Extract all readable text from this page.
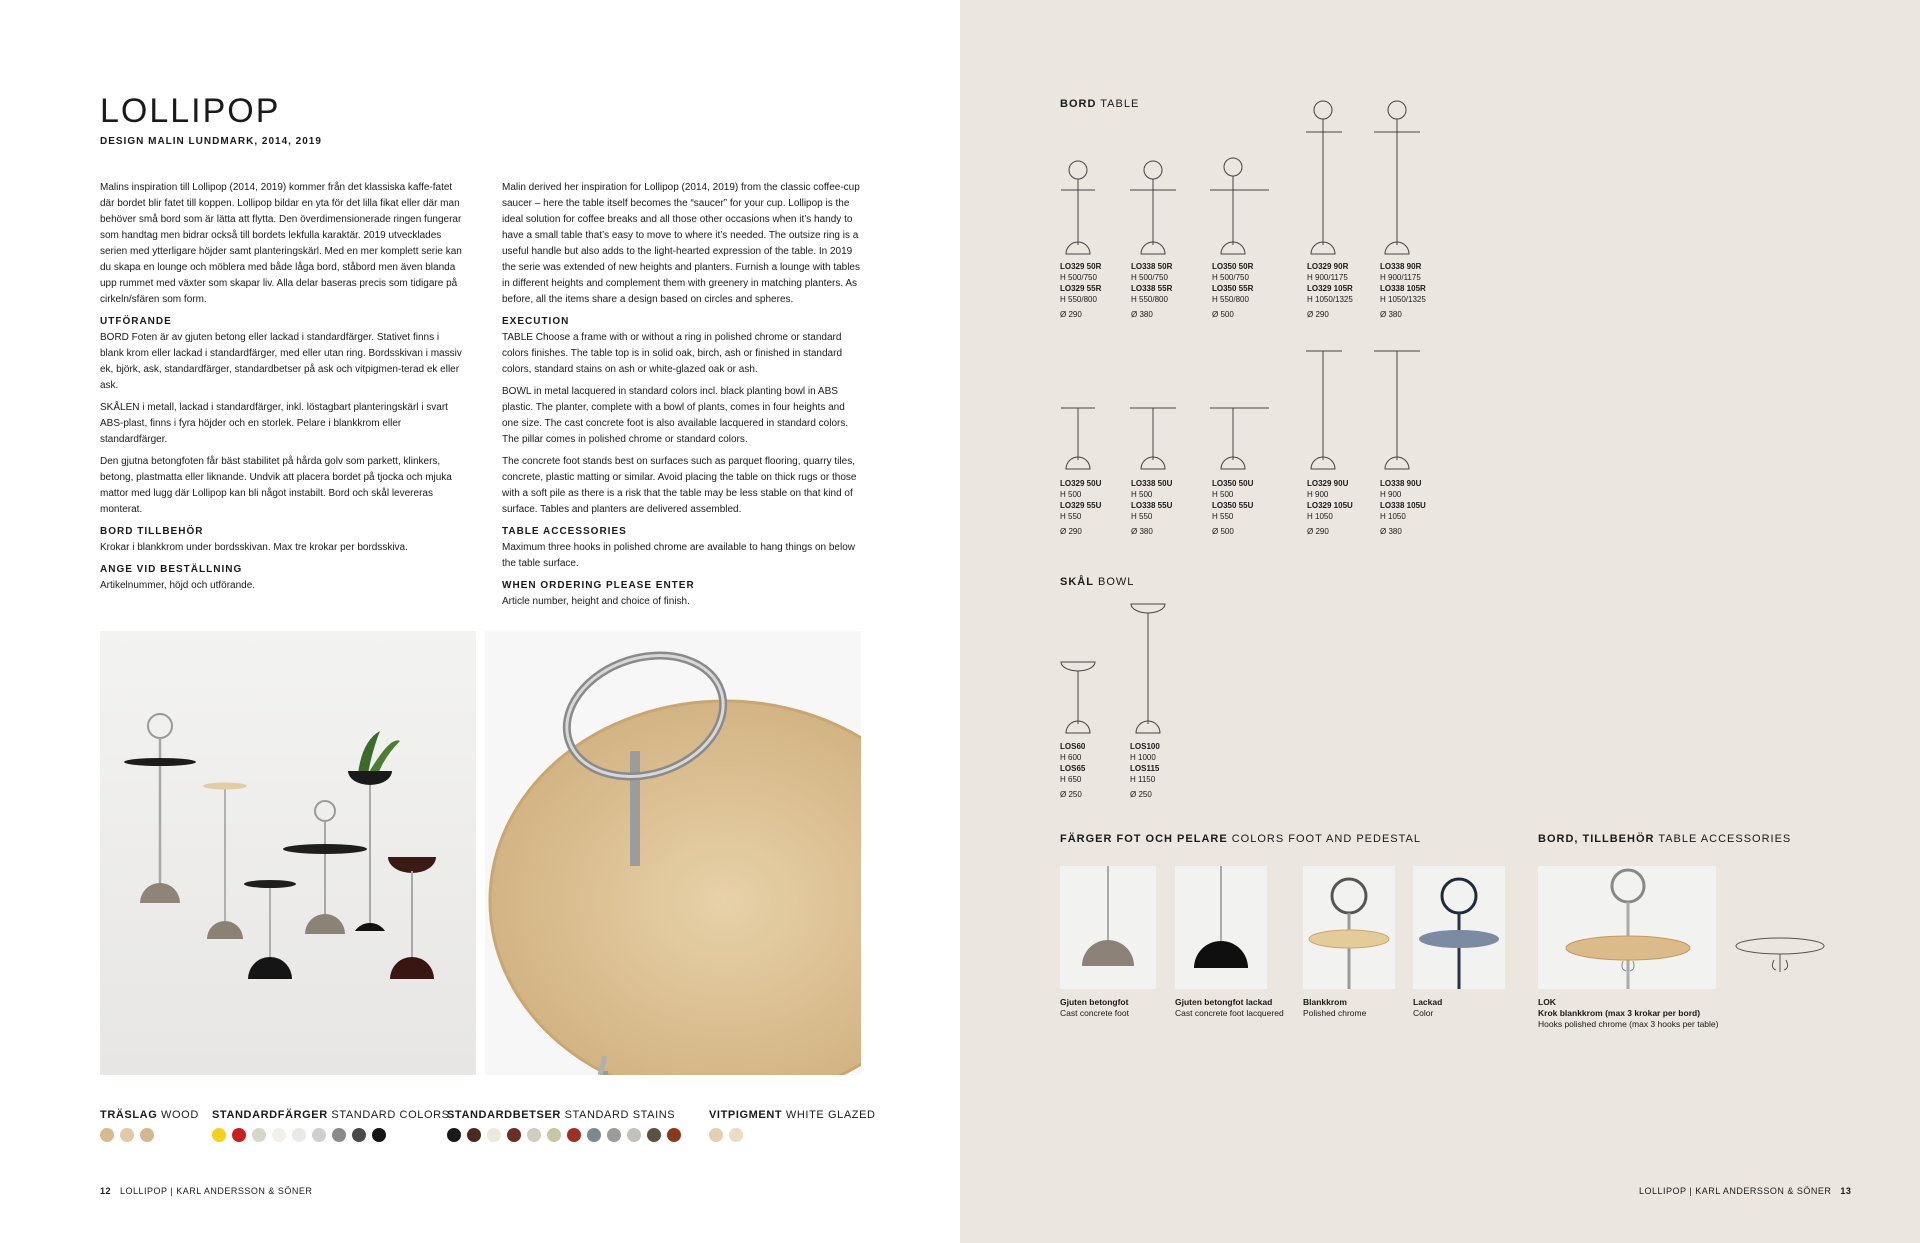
LOLLIPOP
DESIGN MALIN LUNDMARK, 2014, 2019

Malins inspiration till Lollipop (2014, 2019) kommer från det klassiska kaffe-fatet där bordet blir fatet till koppen. Lollipop bildar en yta för det lilla fikat eller där man behöver små bord som är lätta att flytta. Den överdimensionerade ringen fungerar som handtag men bidrar också till bordets lekfulla karaktär. 2019 utvecklades serien med ytterligare höjder samt planteringskärl. Med en mer komplett serie kan du skapa en lounge och möblera med både låga bord, ståbord men även blanda upp rummet med växter som skapar liv. Alla delar baseras precis som tidigare på cirkeln/sfären som form.

UTFÖRANDE

BORD Foten är av gjuten betong eller lackad i standardfärger. Stativet finns i blank krom eller lackad i standardfärger, med eller utan ring. Bordsskivan i massiv ek, björk, ask, standardfärger, standardbetser på ask och vitpigmen-terad ek eller ask.

SKÅLEN i metall, lackad i standardfärger, inkl. löstagbart planteringskärl i svart ABS-plast, finns i fyra höjder och en storlek. Pelare i blankkrom eller standardfärger.

Den gjutna betongfoten får bäst stabilitet på hårda golv som parkett, klinkers, betong, plastmatta eller liknande. Undvik att placera bordet på tjocka och mjuka mattor med lugg där Lollipop kan bli något instabilt. Bord och skål levereras monterat.

BORD TILLBEHÖR

Krokar i blankkrom under bordsskivan. Max tre krokar per bordsskiva.

ANGE VID BESTÄLLNING

Artikelnummer, höjd och utförande.

Malin derived her inspiration for Lollipop (2014, 2019) from the classic coffee-cup saucer – here the table itself becomes the “saucer” for your cup. Lollipop is the ideal solution for coffee breaks and all those other occasions when it’s handy to have a small table that’s easy to move to where it’s needed. The outsize ring is a useful handle but also adds to the light-hearted expression of the table. In 2019 the serie was extended of new heights and planters. Furnish a lounge with tables in different heights and complement them with greenery in matching planters. As before, all the items share a design based on circles and spheres.

EXECUTION

TABLE Choose a frame with or without a ring in polished chrome or standard colors finishes. The table top is in solid oak, birch, ash or finished in standard colors, standard stains on ash or white-glazed oak or ash.

BOWL in metal lacquered in standard colors incl. black planting bowl in ABS plastic. The planter, complete with a bowl of plants, comes in four heights and one size. The cast concrete foot is also available lacquered in standard colors. The pillar comes in polished chrome or standard colors.

The concrete foot stands best on surfaces such as parquet flooring, quarry tiles, concrete, plastic matting or similar. Avoid placing the table on thick rugs or those with a soft pile as there is a risk that the table may be less stable on that kind of surface. Tables and planters are delivered assembled.

TABLE ACCESSORIES

Maximum three hooks in polished chrome are available to hang things on below the table surface.

WHEN ORDERING PLEASE ENTER

Article number, height and choice of finish.

TRÄSLAG WOOD STANDARDFÄRGER STANDARD COLORS
STANDARDBETSER STANDARD STAINS	VITPIGMENT WHITE GLAZED
12 LOLLIPOP | KARL ANDERSSON & SÖNER
BORD TABLE
LO329 50R
H 500/750
LO329 55R
H 550/800
Ø 290
LO338 50R
H 500/750
LO338 55R
H 550/800
Ø 380
LO350 50R
H 500/750
LO350 55R
H 550/800
Ø 500
LO329 90R
H 900/1175
LO329 105R
H 1050/1325
Ø 290
LO338 90R
H 900/1175
LO338 105R
H 1050/1325
Ø 380
LO329 50U
H 500
LO329 55U
H 550
Ø 290
LO338 50U
H 500
LO338 55U
H 550
Ø 380
LO350 50U
H 500
LO350 55U
H 550
Ø 500
LO329 90U
H 900
LO329 105U
H 1050
Ø 290
LO338 90U
H 900
LO338 105U
H 1050
Ø 380
SKÅL BOWL
LOS60
H 600
LOS65
H 650
Ø 250
LOS100
H 1000
LOS115
H 1150
Ø 250
FÄRGER FOT OCH PELARE COLORS FOOT AND PEDESTAL
Gjuten betongfot
Cast concrete foot
Gjuten betongfot lackad
Cast concrete foot lacquered
Blankkrom
Polished chrome
Lackad
Color
BORD, TILLBEHÖR TABLE ACCESSORIES
LOK
Krok blankkrom (max 3 krokar per bord)
Hooks polished chrome (max 3 hooks per table)
LOLLIPOP | KARL ANDERSSON & SÖNER 13
